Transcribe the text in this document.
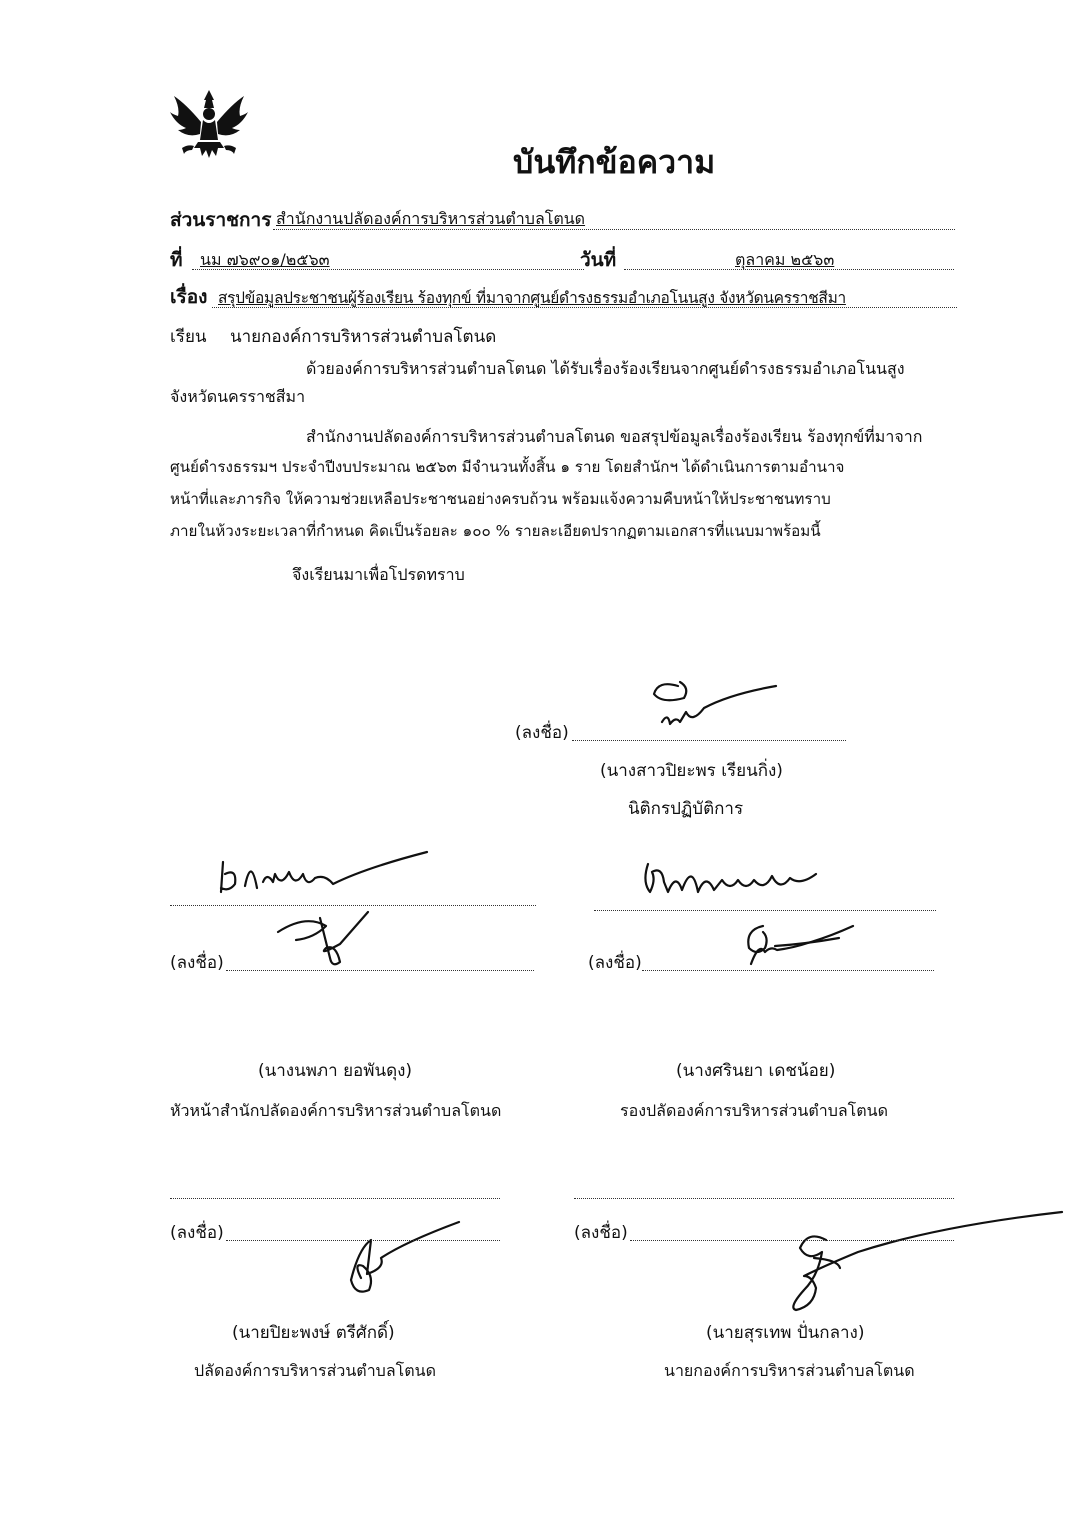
บันทึกข้อความ
ส่วนราชการ สำนักงานปลัดองค์การบริหารส่วนตำบลโตนด
ที่ นม ๗๖๙๐๑/๒๕๖๓	วันที่	ตุลาคม ๒๕๖๓
เรื่อง สรุปข้อมูลประชาชนผู้ร้องเรียน ร้องทุกข์ ที่มาจากศูนย์ดำรงธรรมอำเภอโนนสูง จังหวัดนครราชสีมา
เรียน นายกองค์การบริหารส่วนตำบลโตนด
ด้วยองค์การบริหารส่วนตำบลโตนด ได้รับเรื่องร้องเรียนจากศูนย์ดำรงธรรมอำเภอโนนสูง
จังหวัดนครราชสีมา
สำนักงานปลัดองค์การบริหารส่วนตำบลโตนด ขอสรุปข้อมูลเรื่องร้องเรียน ร้องทุกข์ที่มาจาก
ศูนย์ดำรงธรรมฯ ประจำปีงบประมาณ ๒๕๖๓ มีจำนวนทั้งสิ้น ๑ ราย โดยสำนักฯ ได้ดำเนินการตามอำนาจ
หน้าที่และภารกิจ ให้ความช่วยเหลือประชาชนอย่างครบถ้วน พร้อมแจ้งความคืบหน้าให้ประชาชนทราบ
ภายในห้วงระยะเวลาที่กำหนด คิดเป็นร้อยละ ๑๐๐ % รายละเอียดปรากฏตามเอกสารที่แนบมาพร้อมนี้
จึงเรียนมาเพื่อโปรดทราบ
(ลงชื่อ)
(นางสาวปิยะพร เรียนกิ่ง)
นิติกรปฏิบัติการ
(ลงชื่อ)
(นางนพภา ยอพันดุง)
หัวหน้าสำนักปลัดองค์การบริหารส่วนตำบลโตนด
(ลงชื่อ)
(นางศรินยา เดชน้อย)
รองปลัดองค์การบริหารส่วนตำบลโตนด
(ลงชื่อ)
(นายปิยะพงษ์ ตรีศักดิ์)
ปลัดองค์การบริหารส่วนตำบลโตนด
(ลงชื่อ)
(นายสุรเทพ ปั่นกลาง)
นายกองค์การบริหารส่วนตำบลโตนด
